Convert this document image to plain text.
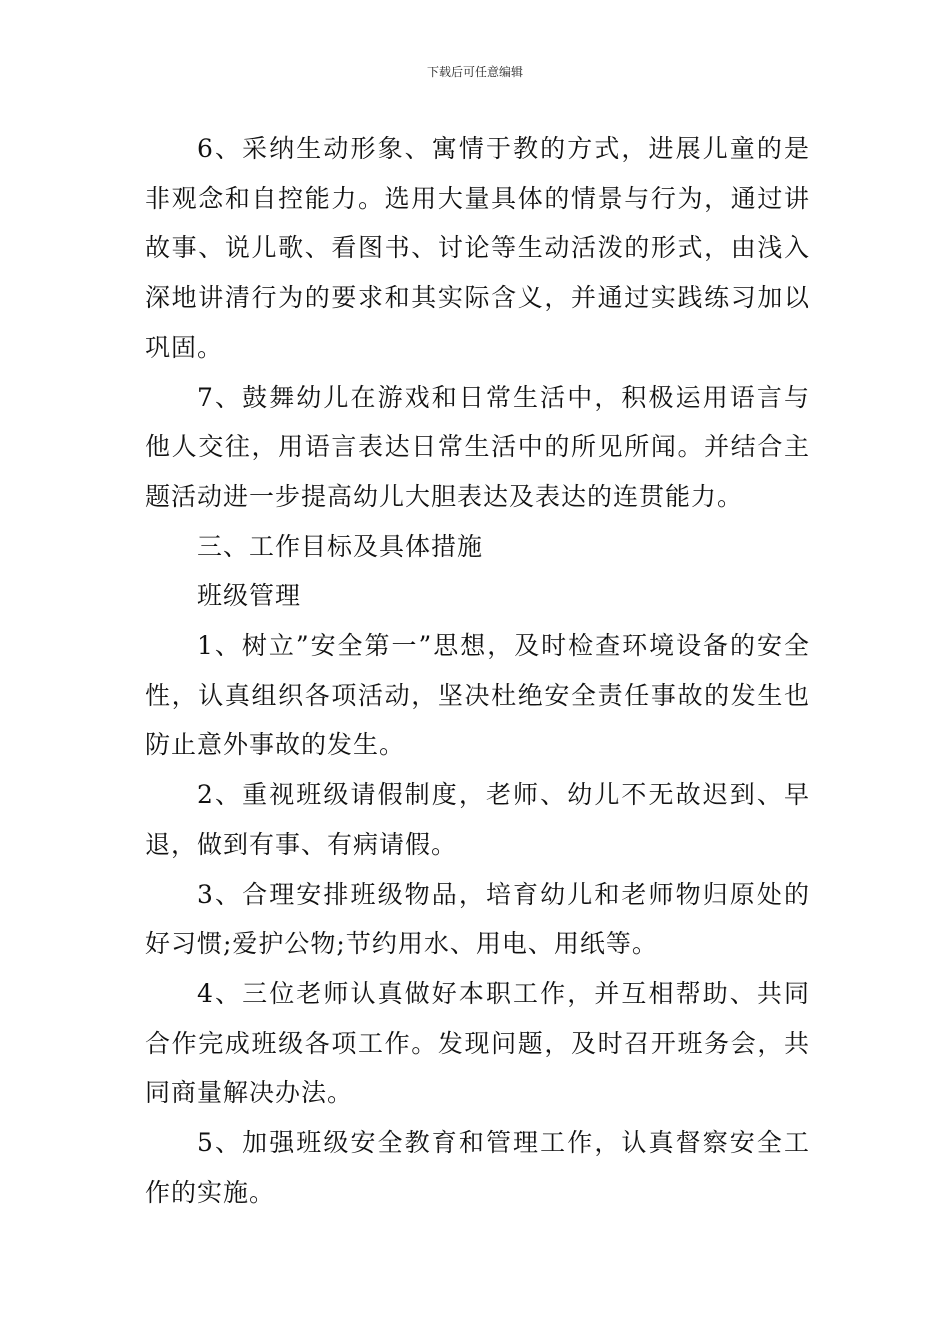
下载后可任意编辑

6、采纳生动形象、寓情于教的方式，进展儿童的是非观念和自控能力。选用大量具体的情景与行为，通过讲故事、说儿歌、看图书、讨论等生动活泼的形式，由浅入深地讲清行为的要求和其实际含义，并通过实践练习加以巩固。

7、鼓舞幼儿在游戏和日常生活中，积极运用语言与他人交往，用语言表达日常生活中的所见所闻。并结合主题活动进一步提高幼儿大胆表达及表达的连贯能力。

三、工作目标及具体措施

班级管理

1、树立”安全第一”思想，及时检查环境设备的安全性，认真组织各项活动，坚决杜绝安全责任事故的发生也防止意外事故的发生。

2、重视班级请假制度，老师、幼儿不无故迟到、早退，做到有事、有病请假。

3、合理安排班级物品，培育幼儿和老师物归原处的好习惯;爱护公物;节约用水、用电、用纸等。

4、三位老师认真做好本职工作，并互相帮助、共同合作完成班级各项工作。发现问题，及时召开班务会，共同商量解决办法。

5、加强班级安全教育和管理工作，认真督察安全工作的实施。
